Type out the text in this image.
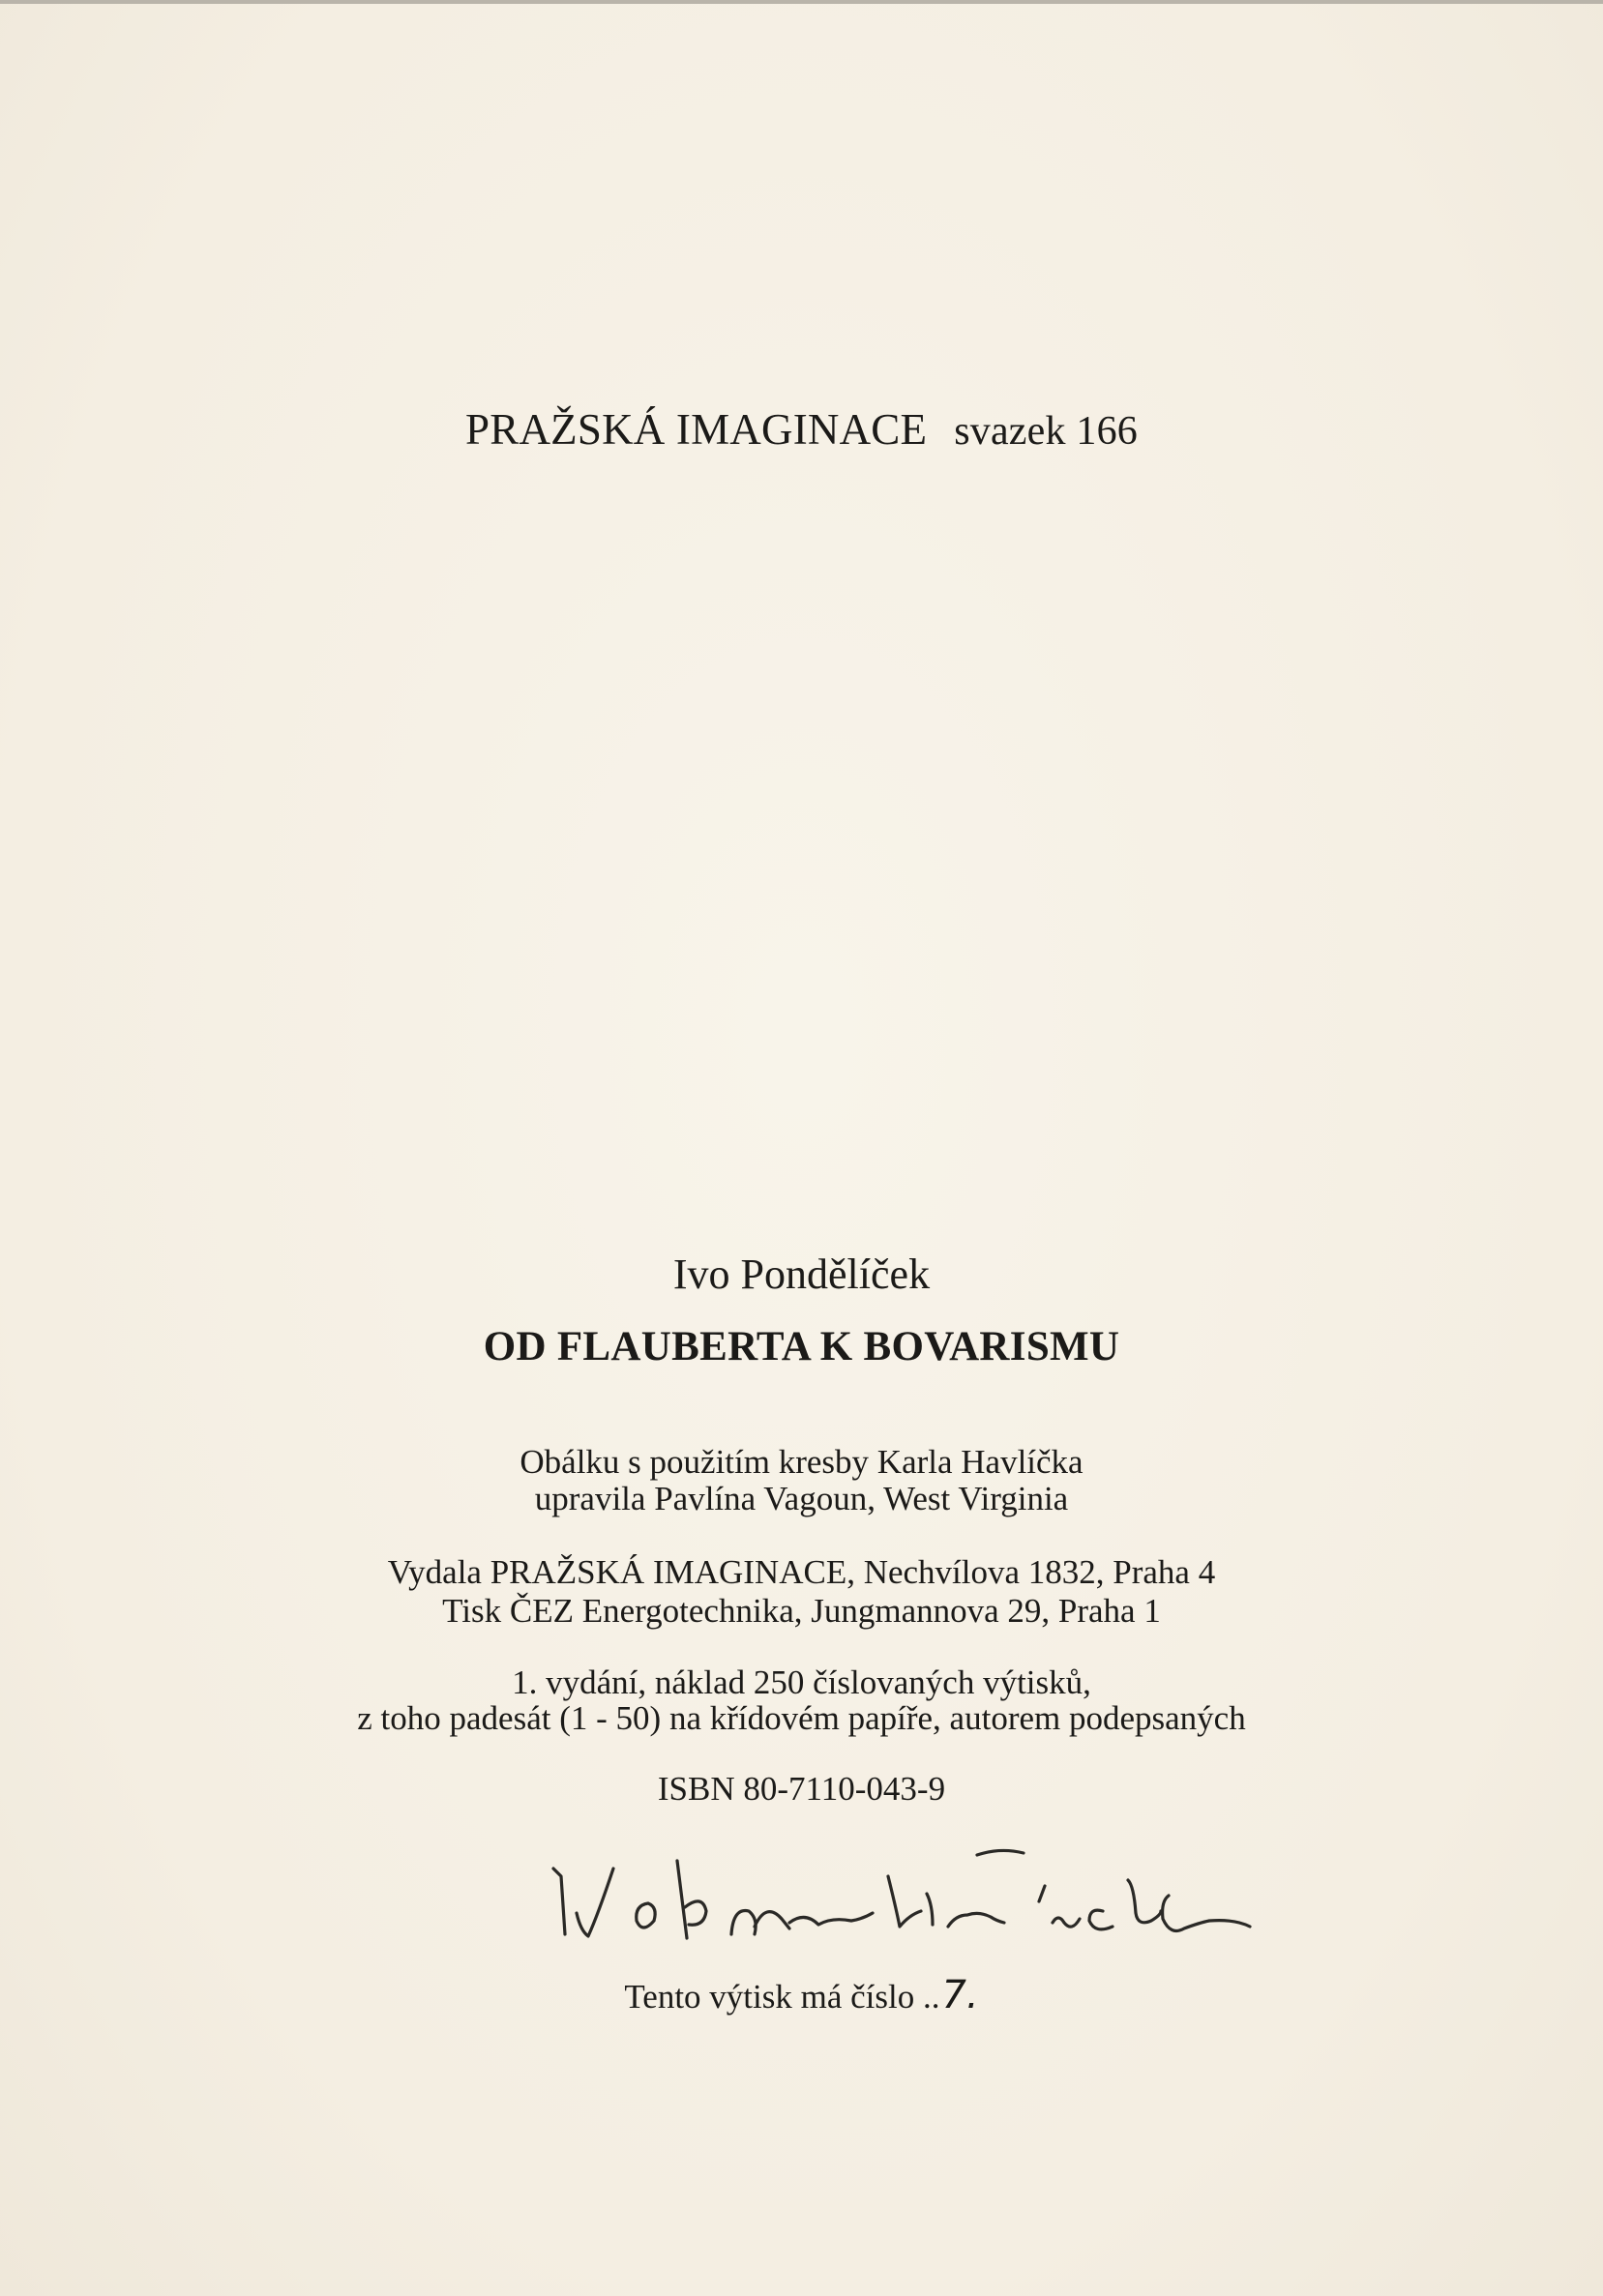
PRAŽSKÁ IMAGINACE svazek 166
Ivo Pondělíček
OD FLAUBERTA K BOVARISMU
Obálku s použitím kresby Karla Havlíčka
upravila Pavlína Vagoun, West Virginia
Vydala PRAŽSKÁ IMAGINACE, Nechvílova 1832, Praha 4
Tisk ČEZ Energotechnika, Jungmannova 29, Praha 1
1. vydání, náklad 250 číslovaných výtisků,
z toho padesát (1 - 50) na křídovém papíře, autorem podepsaných
ISBN 80-7110-043-9
Tento výtisk má číslo ..7.
